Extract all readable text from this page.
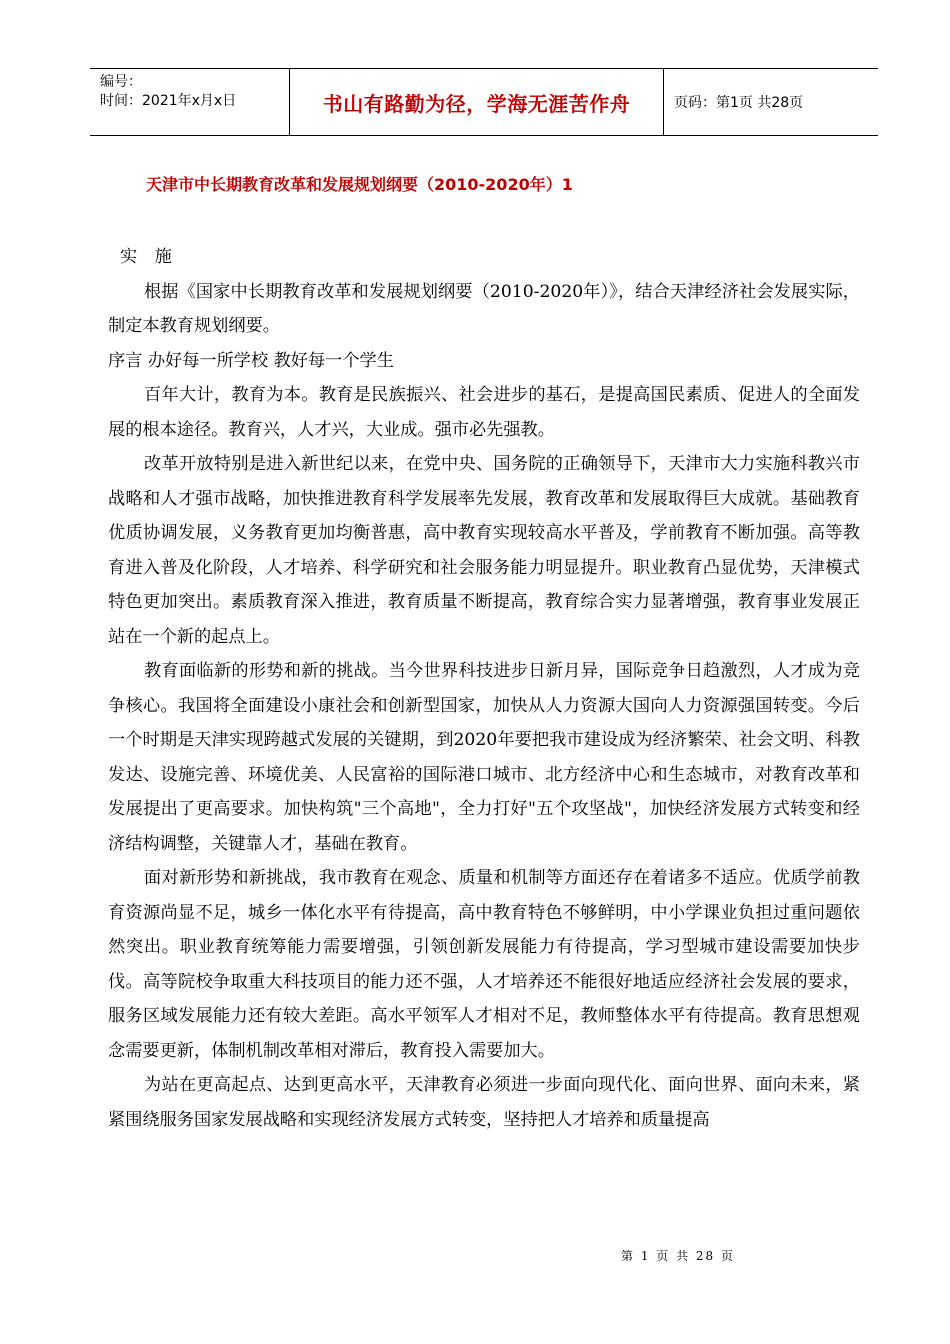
编号：
时间：2021年x月x日	书山有路勤为径，学海无涯苦作舟	页码：第1页 共28页
天津市中长期教育改革和发展规划纲要（2010-2020年）1

实 施

根据《国家中长期教育改革和发展规划纲要（2010-2020年）》，结合天津经济社会发展实际，制定本教育规划纲要。

序言 办好每一所学校 教好每一个学生

百年大计，教育为本。教育是民族振兴、社会进步的基石，是提高国民素质、促进人的全面发展的根本途径。教育兴，人才兴，大业成。强市必先强教。

改革开放特别是进入新世纪以来，在党中央、国务院的正确领导下，天津市大力实施科教兴市战略和人才强市战略，加快推进教育科学发展率先发展，教育改革和发展取得巨大成就。基础教育优质协调发展，义务教育更加均衡普惠，高中教育实现较高水平普及，学前教育不断加强。高等教育进入普及化阶段，人才培养、科学研究和社会服务能力明显提升。职业教育凸显优势，天津模式特色更加突出。素质教育深入推进，教育质量不断提高，教育综合实力显著增强，教育事业发展正站在一个新的起点上。

教育面临新的形势和新的挑战。当今世界科技进步日新月异，国际竞争日趋激烈，人才成为竞争核心。我国将全面建设小康社会和创新型国家，加快从人力资源大国向人力资源强国转变。今后一个时期是天津实现跨越式发展的关键期，到2020年要把我市建设成为经济繁荣、社会文明、科教发达、设施完善、环境优美、人民富裕的国际港口城市、北方经济中心和生态城市，对教育改革和发展提出了更高要求。加快构筑"三个高地"，全力打好"五个攻坚战"，加快经济发展方式转变和经济结构调整，关键靠人才，基础在教育。

面对新形势和新挑战，我市教育在观念、质量和机制等方面还存在着诸多不适应。优质学前教育资源尚显不足，城乡一体化水平有待提高，高中教育特色不够鲜明，中小学课业负担过重问题依然突出。职业教育统筹能力需要增强，引领创新发展能力有待提高，学习型城市建设需要加快步伐。高等院校争取重大科技项目的能力还不强，人才培养还不能很好地适应经济社会发展的要求，服务区域发展能力还有较大差距。高水平领军人才相对不足，教师整体水平有待提高。教育思想观念需要更新，体制机制改革相对滞后，教育投入需要加大。

为站在更高起点、达到更高水平，天津教育必须进一步面向现代化、面向世界、面向未来，紧紧围绕服务国家发展战略和实现经济发展方式转变，坚持把人才培养和质量提高

第 1 页 共 28 页
